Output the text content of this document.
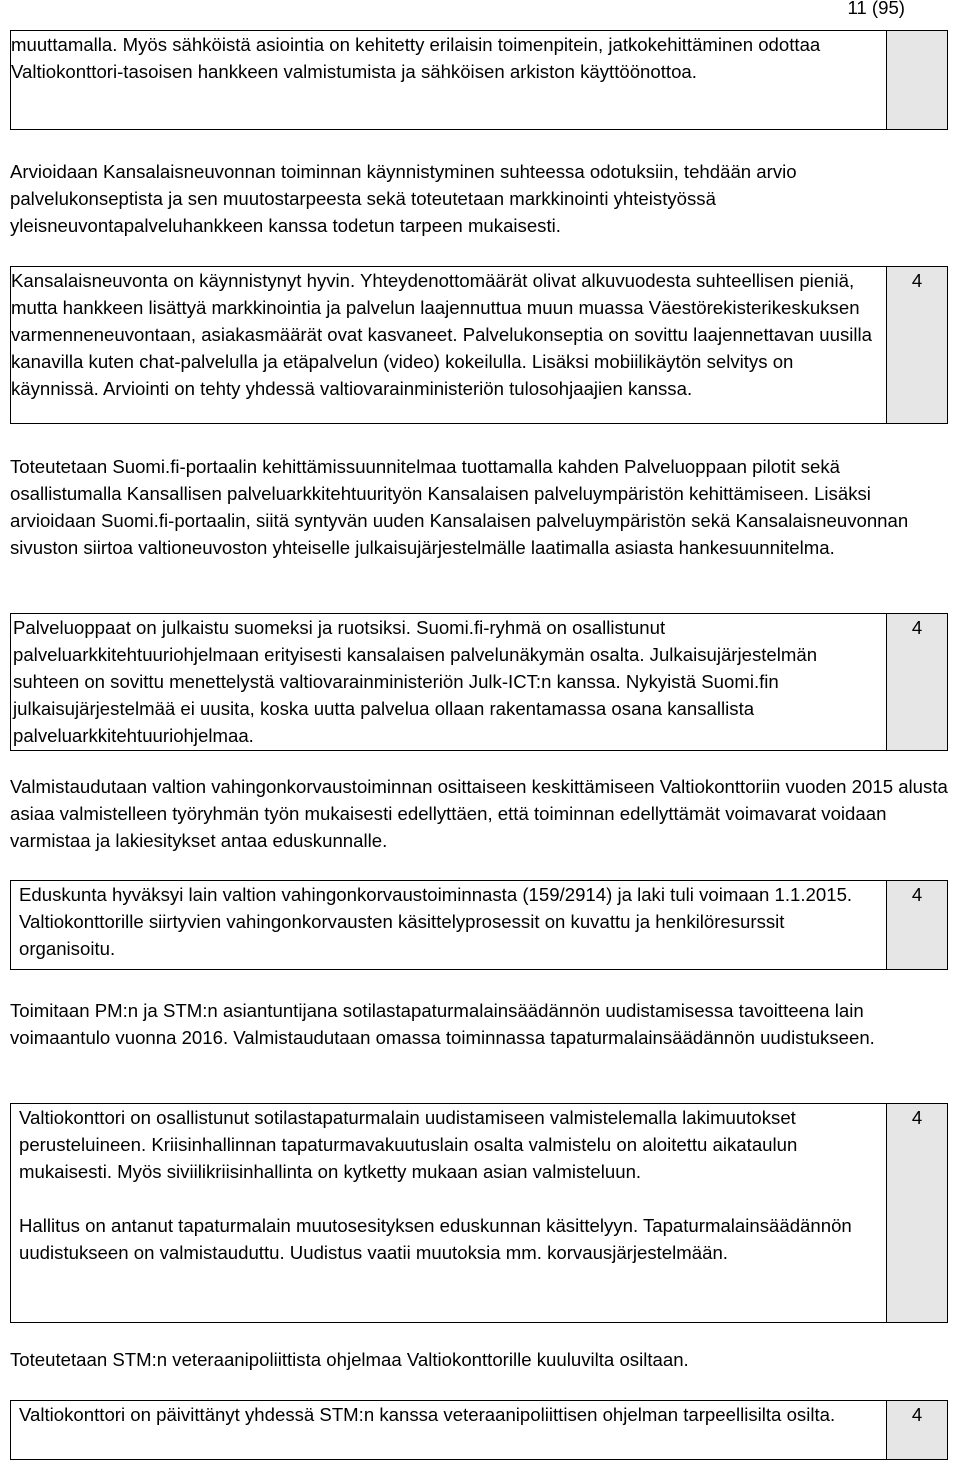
11 (95)

muuttamalla. Myös sähköistä asiointia on kehitetty erilaisin toimenpitein, jatkokehittäminen odottaa Valtiokonttori-tasoisen hankkeen valmistumista ja sähköisen arkiston käyttöönottoa.

Arvioidaan Kansalaisneuvonnan toiminnan käynnistyminen suhteessa odotuksiin, tehdään arvio palvelukonseptista ja sen muutostarpeesta sekä toteutetaan markkinointi yhteistyössä yleisneuvontapalveluhankkeen kanssa todetun tarpeen mukaisesti.

Kansalaisneuvonta on käynnistynyt hyvin. Yhteydenottomäärät olivat alkuvuodesta suhteellisen pieniä, mutta hankkeen lisättyä markkinointia ja palvelun laajennuttua muun muassa Väestörekisterikeskuksen varmenneneuvontaan, asiakasmäärät ovat kasvaneet. Palvelukonseptia on sovittu laajennettavan uusilla kanavilla kuten chat-palvelulla ja etäpalvelun (video) kokeilulla. Lisäksi mobiilikäytön selvitys on käynnissä. Arviointi on tehty yhdessä valtiovarainministeriön tulosohjaajien kanssa.

4

Toteutetaan Suomi.fi-portaalin kehittämissuunnitelmaa tuottamalla kahden Palveluoppaan pilotit sekä osallistumalla Kansallisen palveluarkkitehtuurityön Kansalaisen palveluympäristön kehittämiseen. Lisäksi arvioidaan Suomi.fi-portaalin, siitä syntyvän uuden Kansalaisen palveluympäristön sekä Kansalaisneuvonnan sivuston siirtoa valtioneuvoston yhteiselle julkaisujärjestelmälle laatimalla asiasta hankesuunnitelma.

Palveluoppaat on julkaistu suomeksi ja ruotsiksi. Suomi.fi-ryhmä on osallistunut palveluarkkitehtuuriohjelmaan erityisesti kansalaisen palvelunäkymän osalta. Julkaisujärjestelmän suhteen on sovittu menettelystä valtiovarainministeriön Julk-ICT:n kanssa. Nykyistä Suomi.fin julkaisujärjestelmää ei uusita, koska uutta palvelua ollaan rakentamassa osana kansallista palveluarkkitehtuuriohjelmaa.

4

Valmistaudutaan valtion vahingonkorvaustoiminnan osittaiseen keskittämiseen Valtiokonttoriin vuoden 2015 alusta asiaa valmistelleen työryhmän työn mukaisesti edellyttäen, että toiminnan edellyttämät voimavarat voidaan varmistaa ja lakiesitykset antaa eduskunnalle.

Eduskunta hyväksyi lain valtion vahingonkorvaustoiminnasta (159/2914) ja laki tuli voimaan 1.1.2015. Valtiokonttorille siirtyvien vahingonkorvausten käsittelyprosessit on kuvattu ja henkilöresurssit organisoitu.

4

Toimitaan PM:n ja STM:n asiantuntijana sotilastapaturmalainsäädännön uudistamisessa tavoitteena lain voimaantulo vuonna 2016. Valmistaudutaan omassa toiminnassa tapaturmalainsäädännön uudistukseen.

Valtiokonttori on osallistunut sotilastapaturmalain uudistamiseen valmistelemalla lakimuutokset perusteluineen. Kriisinhallinnan tapaturmavakuutuslain osalta valmistelu on aloitettu aikataulun mukaisesti. Myös siviilikriisinhallinta on kytketty mukaan asian valmisteluun.

Hallitus on antanut tapaturmalain muutosesityksen eduskunnan käsittelyyn. Tapaturmalainsäädännön uudistukseen on valmistauduttu. Uudistus vaatii muutoksia mm. korvausjärjestelmään.

4

Toteutetaan STM:n veteraanipoliittista ohjelmaa Valtiokonttorille kuuluvilta osiltaan.

Valtiokonttori on päivittänyt yhdessä STM:n kanssa veteraanipoliittisen ohjelman tarpeellisilta osilta.	4
